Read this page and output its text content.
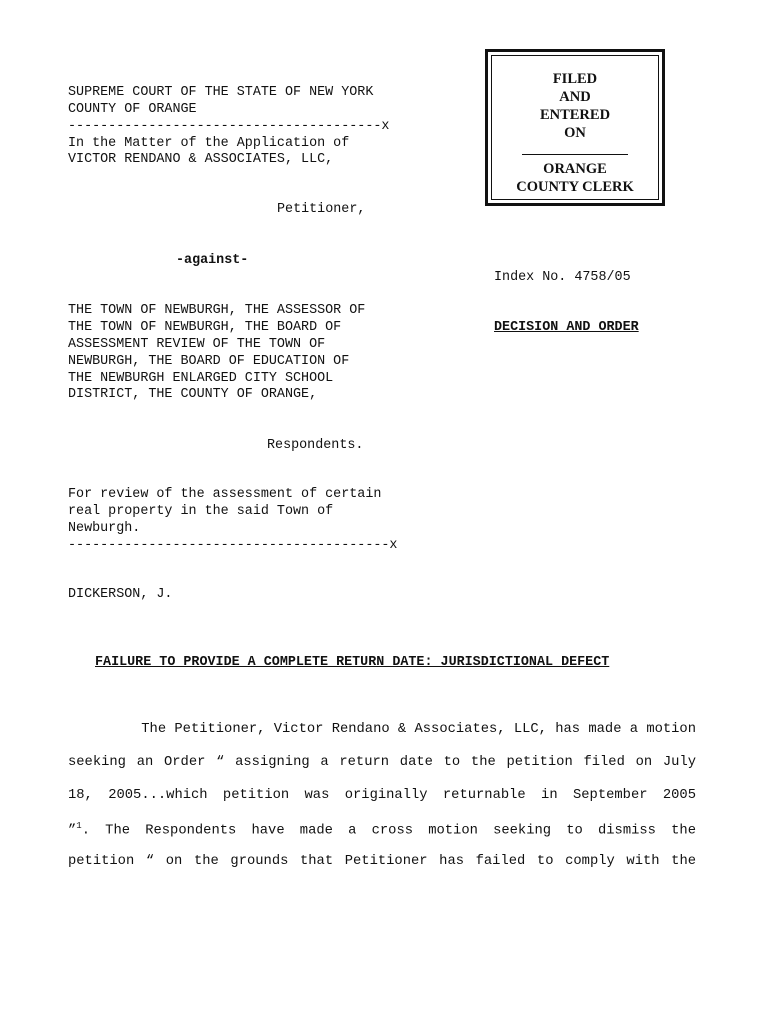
FILED
AND
ENTERED
ON
ORANGE
COUNTY CLERK
SUPREME COURT OF THE STATE OF NEW YORK
COUNTY OF ORANGE
---------------------------------------x
In the Matter of the Application of
VICTOR RENDANO & ASSOCIATES, LLC,
Petitioner,
-against-
Index No. 4758/05
THE TOWN OF NEWBURGH, THE ASSESSOR OF
THE TOWN OF NEWBURGH, THE BOARD OF	DECISION AND ORDER
ASSESSMENT REVIEW OF THE TOWN OF
NEWBURGH, THE BOARD OF EDUCATION OF
THE NEWBURGH ENLARGED CITY SCHOOL
DISTRICT, THE COUNTY OF ORANGE,
Respondents.
For review of the assessment of certain
real property in the said Town of
Newburgh.
----------------------------------------x
DICKERSON, J.
FAILURE TO PROVIDE A COMPLETE RETURN DATE: JURISDICTIONAL DEFECT
The Petitioner, Victor Rendano & Associates, LLC, has made a motion
seeking an Order “ assigning a return date to the petition filed on July
18, 2005...which petition was originally returnable in September 2005
”$^1$. The Respondents have made a cross motion seeking to dismiss the
petition “ on the grounds that Petitioner has failed to comply with the
